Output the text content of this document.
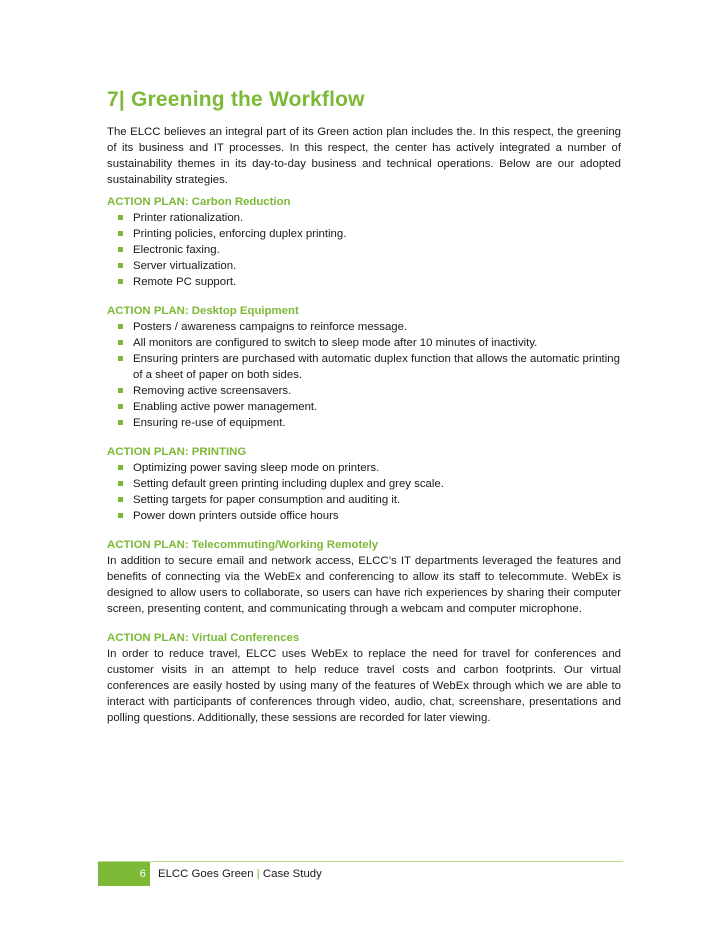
7| Greening the Workflow

The ELCC believes an integral part of its Green action plan includes the. In this respect, the greening of its business and IT processes. In this respect, the center has actively integrated a number of sustainability themes in its day-to-day business and technical operations. Below are our adopted sustainability strategies.

ACTION PLAN: Carbon Reduction

Printer rationalization.
Printing policies, enforcing duplex printing.
Electronic faxing.
Server virtualization.
Remote PC support.

ACTION PLAN: Desktop Equipment

Posters / awareness campaigns to reinforce message.
All monitors are configured to switch to sleep mode after 10 minutes of inactivity.
Ensuring printers are purchased with automatic duplex function that allows the automatic printing of a sheet of paper on both sides.
Removing active screensavers.
Enabling active power management.
Ensuring re-use of equipment.

ACTION PLAN: PRINTING

Optimizing power saving sleep mode on printers.
Setting default green printing including duplex and grey scale.
Setting targets for paper consumption and auditing it.
Power down printers outside office hours

ACTION PLAN: Telecommuting/Working Remotely

In addition to secure email and network access, ELCC’s IT departments leveraged the features and benefits of connecting via the WebEx and conferencing to allow its staff to telecommute. WebEx is designed to allow users to collaborate, so users can have rich experiences by sharing their computer screen, presenting content, and communicating through a webcam and computer microphone.

ACTION PLAN: Virtual Conferences

In order to reduce travel, ELCC uses WebEx to replace the need for travel for conferences and customer visits in an attempt to help reduce travel costs and carbon footprints. Our virtual conferences are easily hosted by using many of the features of WebEx through which we are able to interact with participants of conferences through video, audio, chat, screenshare, presentations and polling questions. Additionally, these sessions are recorded for later viewing.

6	ELCC Goes Green | Case Study
